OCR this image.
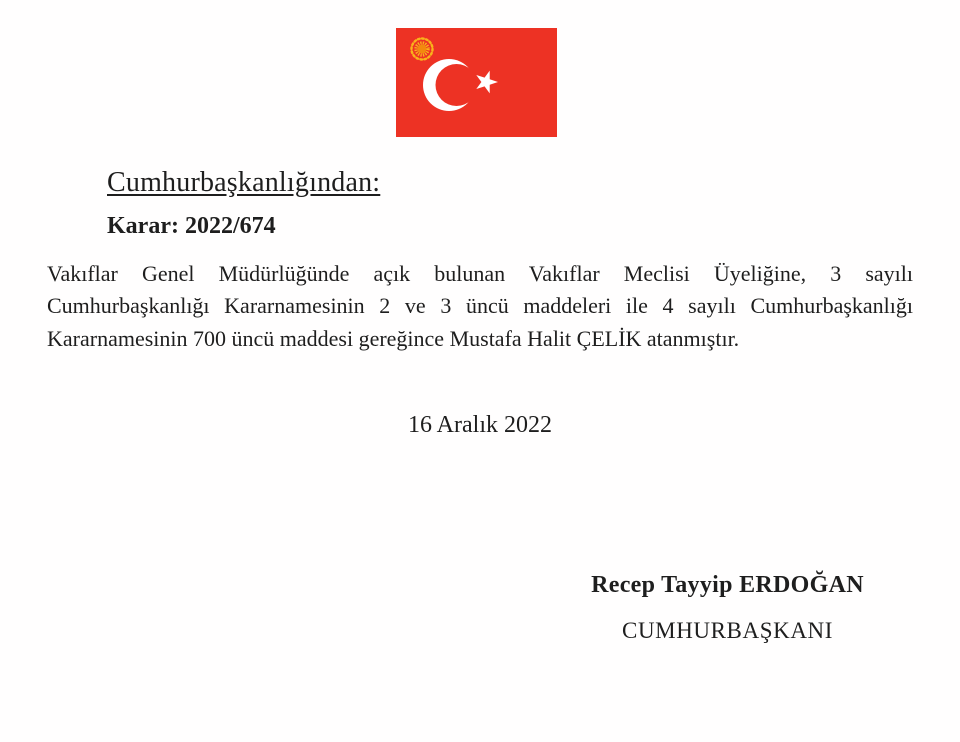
Cumhurbaşkanlığından:
Karar: 2022/674
Vakıflar Genel Müdürlüğünde açık bulunan Vakıflar Meclisi Üyeliğine, 3 sayılı
Cumhurbaşkanlığı Kararnamesinin 2 ve 3 üncü maddeleri ile 4 sayılı Cumhurbaşkanlığı
Kararnamesinin 700 üncü maddesi gereğince Mustafa Halit ÇELİK atanmıştır.
16 Aralık 2022
Recep Tayyip ERDOĞAN
CUMHURBAŞKANI
